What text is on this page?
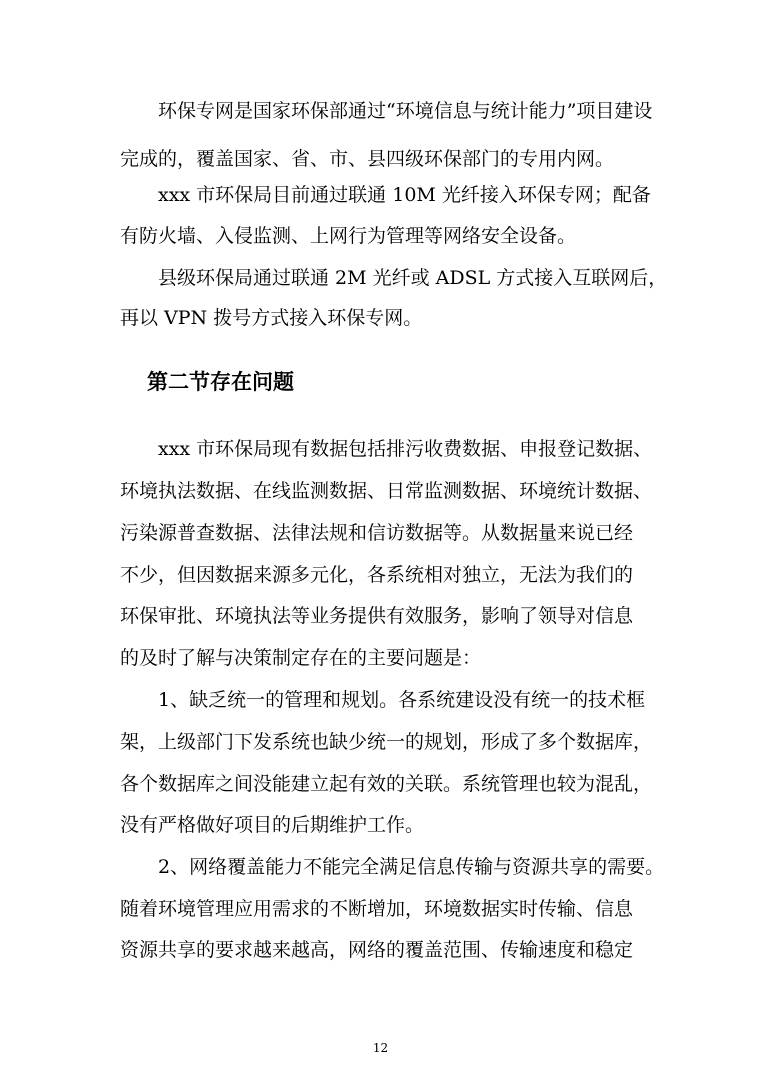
环保专网是国家环保部通过“环境信息与统计能力”项目建设
完成的，覆盖国家、省、市、县四级环保部门的专用内网。
xxx 市环保局目前通过联通 10M 光纤接入环保专网；配备
有防火墙、入侵监测、上网行为管理等网络安全设备。
县级环保局通过联通 2M 光纤或 ADSL 方式接入互联网后，
再以 VPN 拨号方式接入环保专网。
第二节存在问题
xxx 市环保局现有数据包括排污收费数据、申报登记数据、
环境执法数据、在线监测数据、日常监测数据、环境统计数据、
污染源普查数据、法律法规和信访数据等。从数据量来说已经
不少，但因数据来源多元化，各系统相对独立，无法为我们的
环保审批、环境执法等业务提供有效服务，影响了领导对信息
的及时了解与决策制定存在的主要问题是：
1、缺乏统一的管理和规划。各系统建设没有统一的技术框
架，上级部门下发系统也缺少统一的规划，形成了多个数据库，
各个数据库之间没能建立起有效的关联。系统管理也较为混乱，
没有严格做好项目的后期维护工作。
2、网络覆盖能力不能完全满足信息传输与资源共享的需要。
随着环境管理应用需求的不断增加，环境数据实时传输、信息
资源共享的要求越来越高，网络的覆盖范围、传输速度和稳定
12
